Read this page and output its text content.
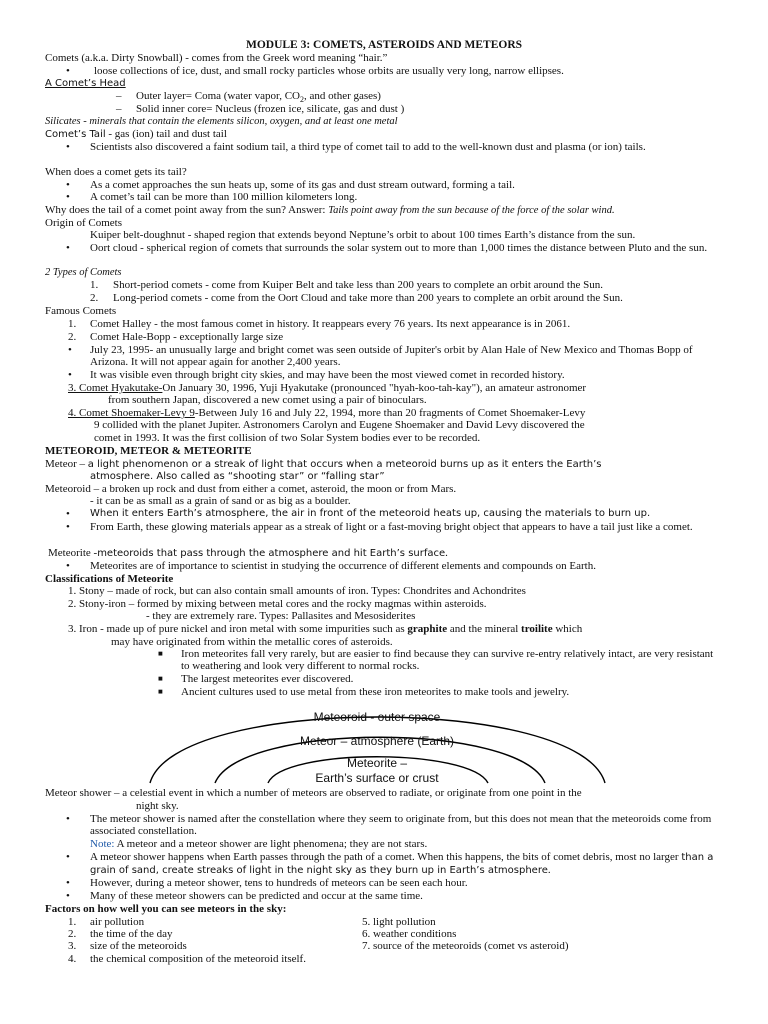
MODULE 3: COMETS, ASTEROIDS AND METEORS
Comets (a.k.a. Dirty Snowball) - comes from the Greek word meaning “hair.”
• loose collections of ice, dust, and small rocky particles whose orbits are usually very long, narrow ellipses.
A Comet’s Head
– Outer layer= Coma (water vapor, $CO_2$, and other gases)
– Solid inner core= Nucleus (frozen ice, silicate, gas and dust )
Silicates - minerals that contain the elements silicon, oxygen, and at least one metal
Comet’s Tail - gas (ion) tail and dust tail
• Scientists also discovered a faint sodium tail, a third type of comet tail to add to the well-known dust and plasma (or ion) tails.
When does a comet gets its tail?
• As a comet approaches the sun heats up, some of its gas and dust stream outward, forming a tail.
• A comet’s tail can be more than 100 million kilometers long.
Why does the tail of a comet point away from the sun? Answer: Tails point away from the sun because of the force of the solar wind.
Origin of Comets
Kuiper belt-doughnut - shaped region that extends beyond Neptune’s orbit to about 100 times Earth’s distance from the sun.
• Oort cloud - spherical region of comets that surrounds the solar system out to more than 1,000 times the distance between Pluto and the sun.
2 Types of Comets
1. Short-period comets - come from Kuiper Belt and take less than 200 years to complete an orbit around the Sun.
2. Long-period comets - come from the Oort Cloud and take more than 200 years to complete an orbit around the Sun.
Famous Comets
1. Comet Halley - the most famous comet in history. It reappears every 76 years. Its next appearance is in 2061.
2. Comet Hale-Bopp - exceptionally large size
• July 23, 1995- an unusually large and bright comet was seen outside of Jupiter's orbit by Alan Hale of New Mexico and Thomas Bopp of Arizona. It will not appear again for another 2,400 years.
• It was visible even through bright city skies, and may have been the most viewed comet in recorded history.
3. Comet Hyakutake-On January 30, 1996, Yuji Hyakutake (pronounced "hyah-koo-tah-kay"), an amateur astronomer
from southern Japan, discovered a new comet using a pair of binoculars.
4. Comet Shoemaker-Levy 9-Between July 16 and July 22, 1994, more than 20 fragments of Comet Shoemaker-Levy
9 collided with the planet Jupiter. Astronomers Carolyn and Eugene Shoemaker and David Levy discovered the
comet in 1993. It was the first collision of two Solar System bodies ever to be recorded.
METEOROID, METEOR & METEORITE
Meteor – a light phenomenon or a streak of light that occurs when a meteoroid burns up as it enters the Earth’s
atmosphere. Also called as “shooting star” or “falling star”
Meteoroid – a broken up rock and dust from either a comet, asteroid, the moon or from Mars.
- it can be as small as a grain of sand or as big as a boulder.
• When it enters Earth’s atmosphere, the air in front of the meteoroid heats up, causing the materials to burn up.
• From Earth, these glowing materials appear as a streak of light or a fast-moving bright object that appears to have a tail just like a comet.
Meteorite -meteoroids that pass through the atmosphere and hit Earth’s surface.
• Meteorites are of importance to scientist in studying the occurrence of different elements and compounds on Earth.
Classifications of Meteorite
1. Stony – made of rock, but can also contain small amounts of iron. Types: Chondrites and Achondrites
2. Stony-iron – formed by mixing between metal cores and the rocky magmas within asteroids.
- they are extremely rare. Types: Pallasites and Mesosiderites
3. Iron - made up of pure nickel and iron metal with some impurities such as graphite and the mineral troilite which
may have originated from within the metallic cores of asteroids.
■ Iron meteorites fall very rarely, but are easier to find because they can survive re-entry relatively intact, are very resistant to weathering and look very different to normal rocks.
■ The largest meteorites ever discovered.
■ Ancient cultures used to use metal from these iron meteorites to make tools and jewelry.
Meteoroid - outer space
Meteor – atmosphere (Earth)
Meteorite –
Earth’s surface or crust
Meteor shower – a celestial event in which a number of meteors are observed to radiate, or originate from one point in the
night sky.
• The meteor shower is named after the constellation where they seem to originate from, but this does not mean that the meteoroids come from associated constellation.
Note: A meteor and a meteor shower are light phenomena; they are not stars.
• A meteor shower happens when Earth passes through the path of a comet. When this happens, the bits of comet debris, most no larger than a grain of sand, create streaks of light in the night sky as they burn up in Earth’s atmosphere.
• However, during a meteor shower, tens to hundreds of meteors can be seen each hour.
• Many of these meteor showers can be predicted and occur at the same time.
Factors on how well you can see meteors in the sky:
1. air pollution
2. the time of the day
3. size of the meteoroids
4. the chemical composition of the meteoroid itself.
5. light pollution
6. weather conditions
7. source of the meteoroids (comet vs asteroid)
